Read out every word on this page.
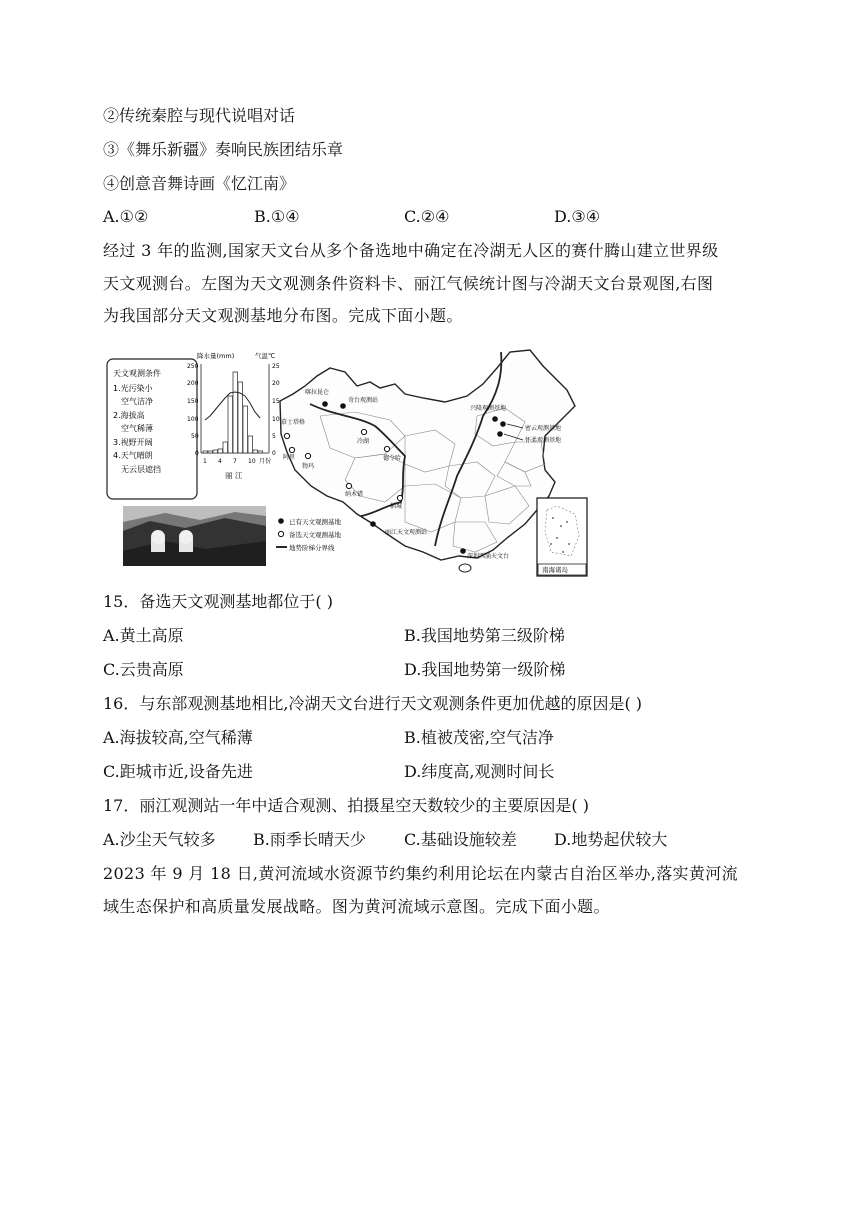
②传统秦腔与现代说唱对话
③《舞乐新疆》奏响民族团结乐章
④创意音舞诗画《忆江南》
A.①②	B.①④	C.②④	D.③④
经过 3 年的监测,国家天文台从多个备选地中确定在冷湖无人区的赛什腾山建立世界级
天文观测台。左图为天文观测条件资料卡、丽江气候统计图与冷湖天文台景观图,右图
为我国部分天文观测基地分布图。完成下面小题。
天文观测条件
1.光污染小
空气洁净
2.海拔高
空气稀薄
3.视野开阔
4.天气晴朗
无云层遮挡
降水量(mm)	气温℃
250
200
150
100
50
0
25
20
15
10
5
0
1 4 7 10 月份
丽 江
慕士塔格
阿里
物玛
喀拉昆仑
奇台观测站
冷湖
德令哈
纳木错
兴隆观测基地
密云观测基地
怀柔观测基地
稻城
丽江天文观测站
深圳西涌天文台
已有天文观测基地
备选天文观测基地
地势阶梯分界线
南海诸岛
15．备选天文观测基地都位于( )
A.黄土高原	B.我国地势第三级阶梯
C.云贵高原	D.我国地势第一级阶梯
16．与东部观测基地相比,冷湖天文台进行天文观测条件更加优越的原因是( )
A.海拔较高,空气稀薄	B.植被茂密,空气洁净
C.距城市近,设备先进	D.纬度高,观测时间长
17．丽江观测站一年中适合观测、拍摄星空天数较少的主要原因是( )
A.沙尘天气较多 B.雨季长晴天少 C.基础设施较差 D.地势起伏较大
2023 年 9 月 18 日,黄河流域水资源节约集约利用论坛在内蒙古自治区举办,落实黄河流
域生态保护和高质量发展战略。图为黄河流域示意图。完成下面小题。
